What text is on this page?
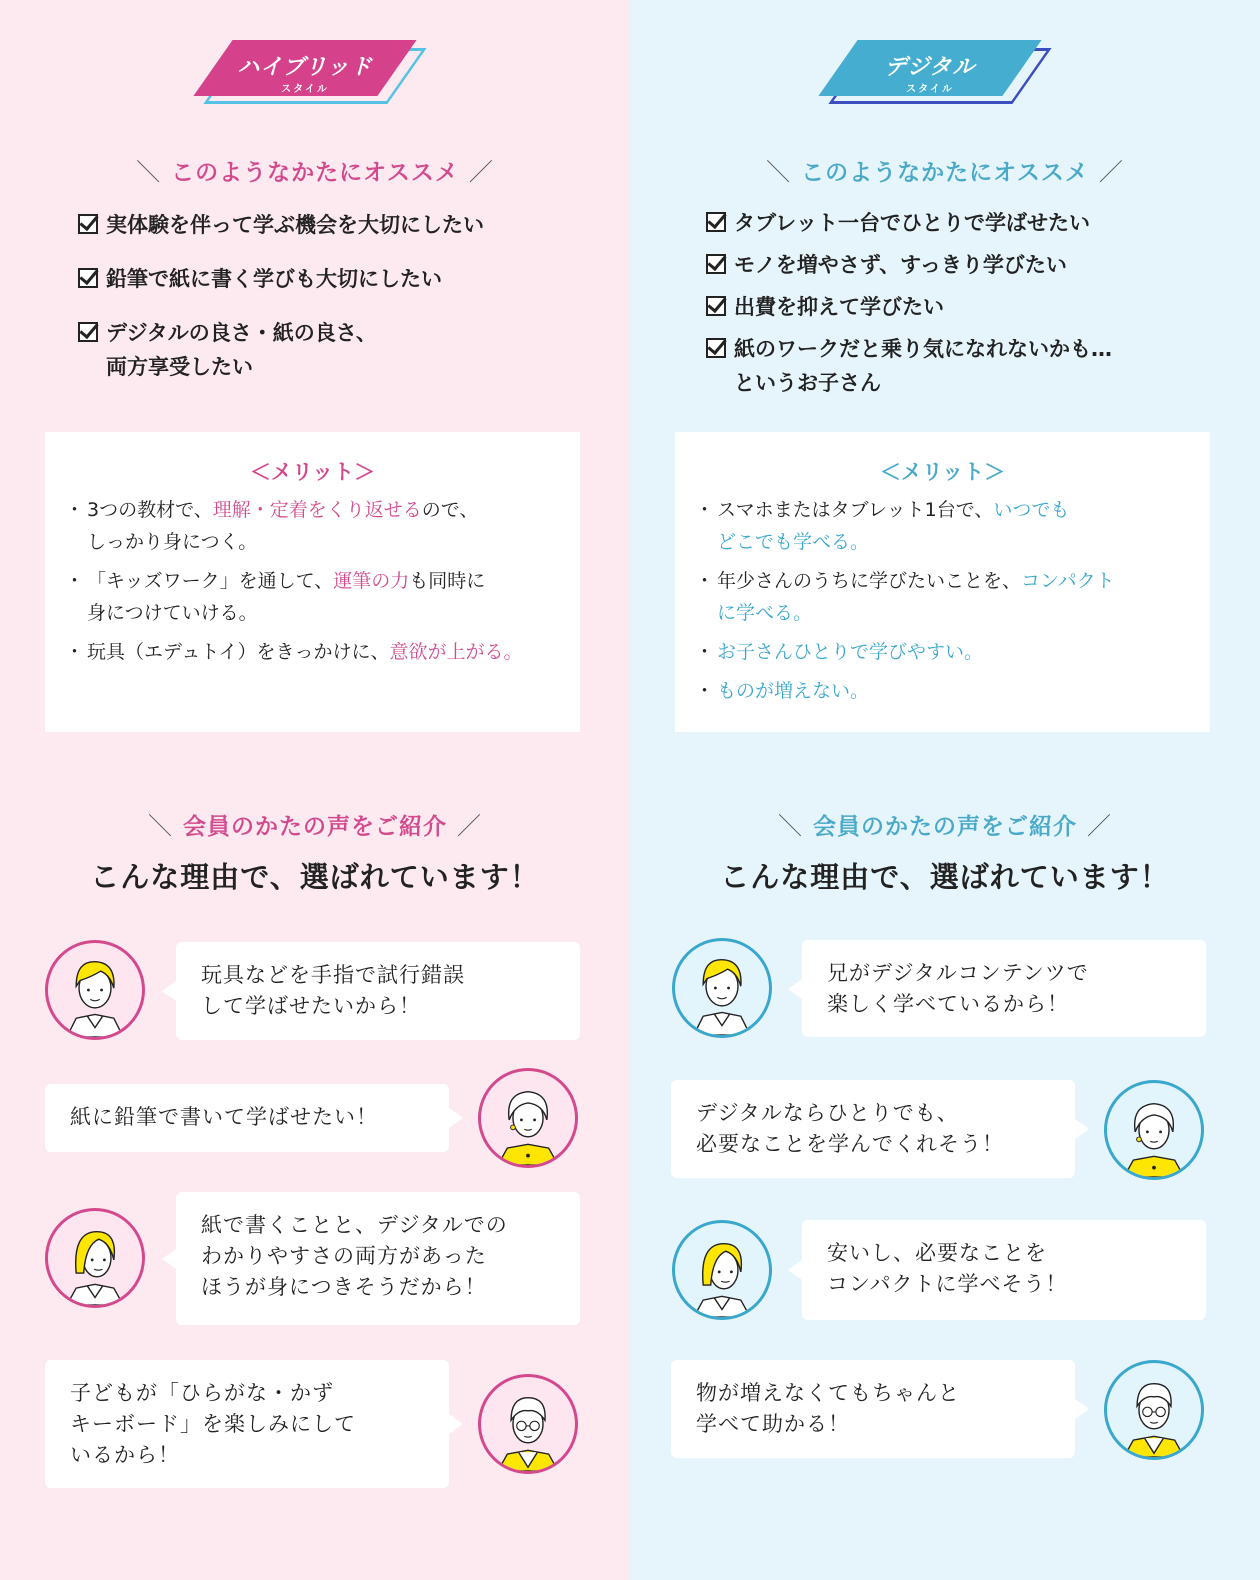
ハイブリッド
スタイル
＼ このようなかたにオススメ ／
実体験を伴って学ぶ機会を大切にしたい
鉛筆で紙に書く学びも大切にしたい
デジタルの良さ・紙の良さ、
両方享受したい
＜メリット＞
・ 3つの教材で、理解・定着をくり返せるので、
しっかり身につく。
・ 「キッズワーク」を通して、運筆の力も同時に
身につけていける。
・ 玩具（エデュトイ）をきっかけに、意欲が上がる。
＼ 会員のかたの声をご紹介 ／
こんな理由で、選ばれています！
玩具などを手指で試行錯誤
して学ばせたいから！
紙に鉛筆で書いて学ばせたい！
紙で書くことと、デジタルでの
わかりやすさの両方があった
ほうが身につきそうだから！
子どもが「ひらがな・かず
キーボード」を楽しみにして
いるから！
デジタル
スタイル
＼ このようなかたにオススメ ／
タブレット一台でひとりで学ばせたい
モノを増やさず、すっきり学びたい
出費を抑えて学びたい
紙のワークだと乗り気になれないかも…
というお子さん
＜メリット＞
・ スマホまたはタブレット1台で、いつでも
どこでも学べる。
・ 年少さんのうちに学びたいことを、コンパクト
に学べる。
・ お子さんひとりで学びやすい。
・ ものが増えない。
＼ 会員のかたの声をご紹介 ／
こんな理由で、選ばれています！
兄がデジタルコンテンツで
楽しく学べているから！
デジタルならひとりでも、
必要なことを学んでくれそう！
安いし、必要なことを
コンパクトに学べそう！
物が増えなくてもちゃんと
学べて助かる！
